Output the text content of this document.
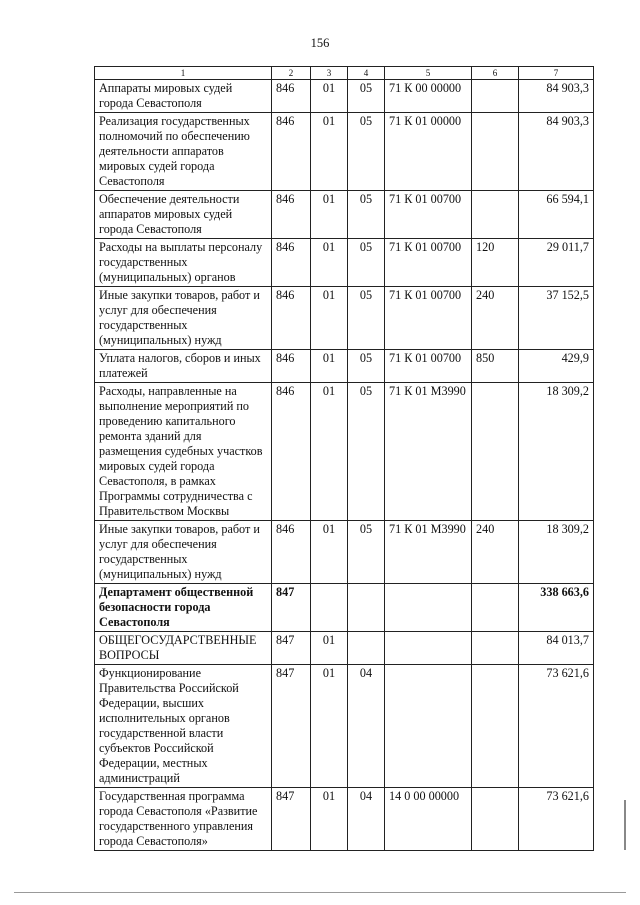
156
1	2	3	4	5	6	7
Аппараты мировых судей города Севастополя	846	01	05	71 К 00 00000		84 903,3
Реализация государственных полномочий по обеспечению деятельности аппаратов мировых судей города Севастополя	846	01	05	71 К 01 00000		84 903,3
Обеспечение деятельности аппаратов мировых судей города Севастополя	846	01	05	71 К 01 00700		66 594,1
Расходы на выплаты персоналу государственных (муниципальных) органов	846	01	05	71 К 01 00700	120	29 011,7
Иные закупки товаров, работ и услуг для обеспечения государственных (муниципальных) нужд	846	01	05	71 К 01 00700	240	37 152,5
Уплата налогов, сборов и иных платежей	846	01	05	71 К 01 00700	850	429,9
Расходы, направленные на выполнение мероприятий по проведению капитального ремонта зданий для размещения судебных участков мировых судей города Севастополя, в рамках Программы сотрудничества с Правительством Москвы	846	01	05	71 К 01 М3990		18 309,2
Иные закупки товаров, работ и услуг для обеспечения государственных (муниципальных) нужд	846	01	05	71 К 01 М3990	240	18 309,2
Департамент общественной безопасности города Севастополя	847					338 663,6
ОБЩЕГОСУДАРСТВЕННЫЕ ВОПРОСЫ	847	01				84 013,7
Функционирование Правительства Российской Федерации, высших исполнительных органов государственной власти субъектов Российской Федерации, местных администраций	847	01	04			73 621,6
Государственная программа города Севастополя «Развитие государственного управления города Севастополя»	847	01	04	14 0 00 00000		73 621,6
